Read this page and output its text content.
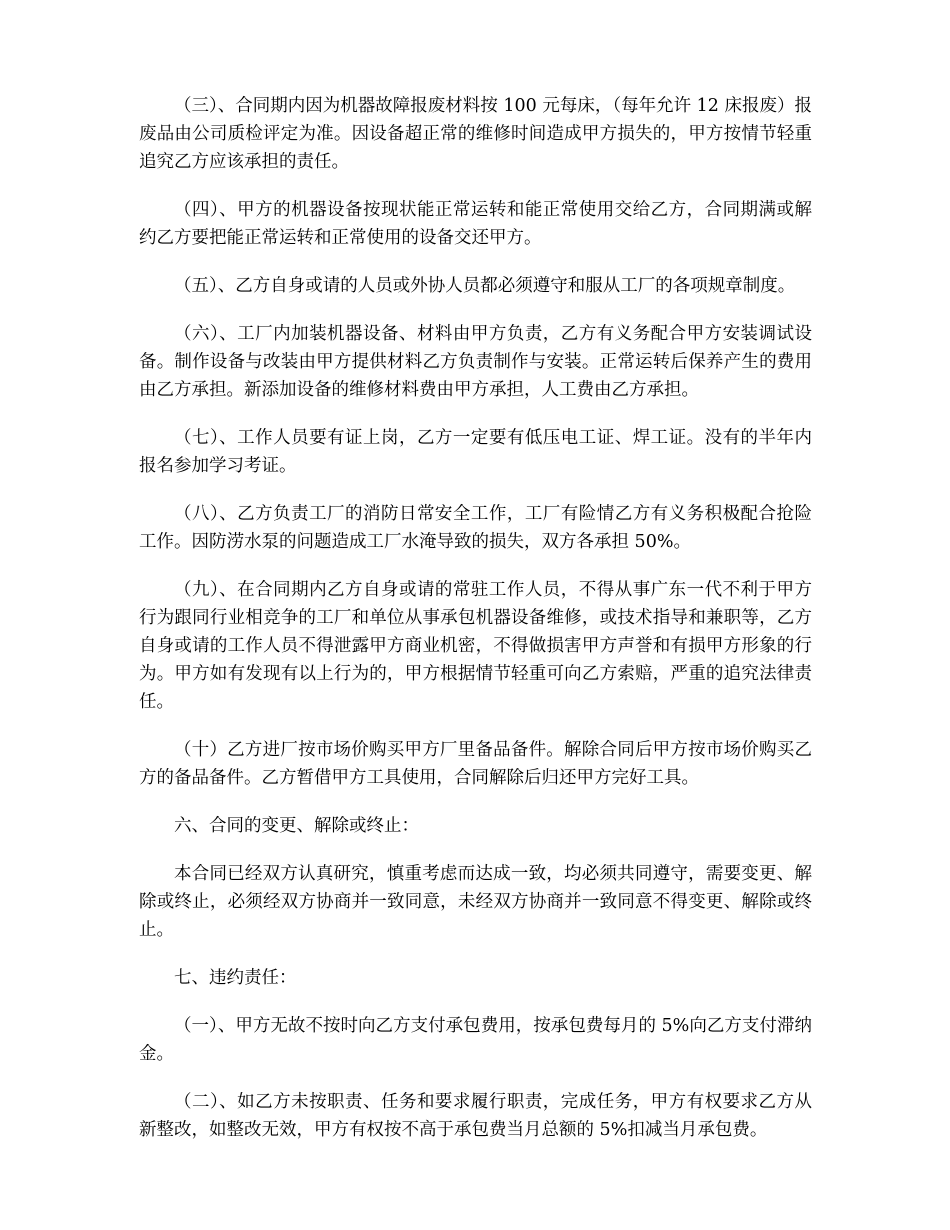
（三）、合同期内因为机器故障报废材料按 100 元每床，（每年允许 12 床报废）报废品由公司质检评定为准。因设备超正常的维修时间造成甲方损失的，甲方按情节轻重追究乙方应该承担的责任。

（四）、甲方的机器设备按现状能正常运转和能正常使用交给乙方，合同期满或解约乙方要把能正常运转和正常使用的设备交还甲方。

（五）、乙方自身或请的人员或外协人员都必须遵守和服从工厂的各项规章制度。

（六）、工厂内加装机器设备、材料由甲方负责，乙方有义务配合甲方安装调试设备。制作设备与改装由甲方提供材料乙方负责制作与安装。正常运转后保养产生的费用由乙方承担。新添加设备的维修材料费由甲方承担，人工费由乙方承担。

（七）、工作人员要有证上岗，乙方一定要有低压电工证、焊工证。没有的半年内报名参加学习考证。

（八）、乙方负责工厂的消防日常安全工作，工厂有险情乙方有义务积极配合抢险工作。因防涝水泵的问题造成工厂水淹导致的损失，双方各承担 50%。

（九）、在合同期内乙方自身或请的常驻工作人员，不得从事广东一代不利于甲方行为跟同行业相竞争的工厂和单位从事承包机器设备维修，或技术指导和兼职等，乙方自身或请的工作人员不得泄露甲方商业机密，不得做损害甲方声誉和有损甲方形象的行为。甲方如有发现有以上行为的，甲方根据情节轻重可向乙方索赔，严重的追究法律责任。

（十）乙方进厂按市场价购买甲方厂里备品备件。解除合同后甲方按市场价购买乙方的备品备件。乙方暂借甲方工具使用，合同解除后归还甲方完好工具。

六、合同的变更、解除或终止：

本合同已经双方认真研究，慎重考虑而达成一致，均必须共同遵守，需要变更、解除或终止，必须经双方协商并一致同意，未经双方协商并一致同意不得变更、解除或终止。

七、违约责任：

（一）、甲方无故不按时向乙方支付承包费用，按承包费每月的 5%向乙方支付滞纳金。

（二）、如乙方未按职责、任务和要求履行职责，完成任务，甲方有权要求乙方从新整改，如整改无效，甲方有权按不高于承包费当月总额的 5%扣减当月承包费。
